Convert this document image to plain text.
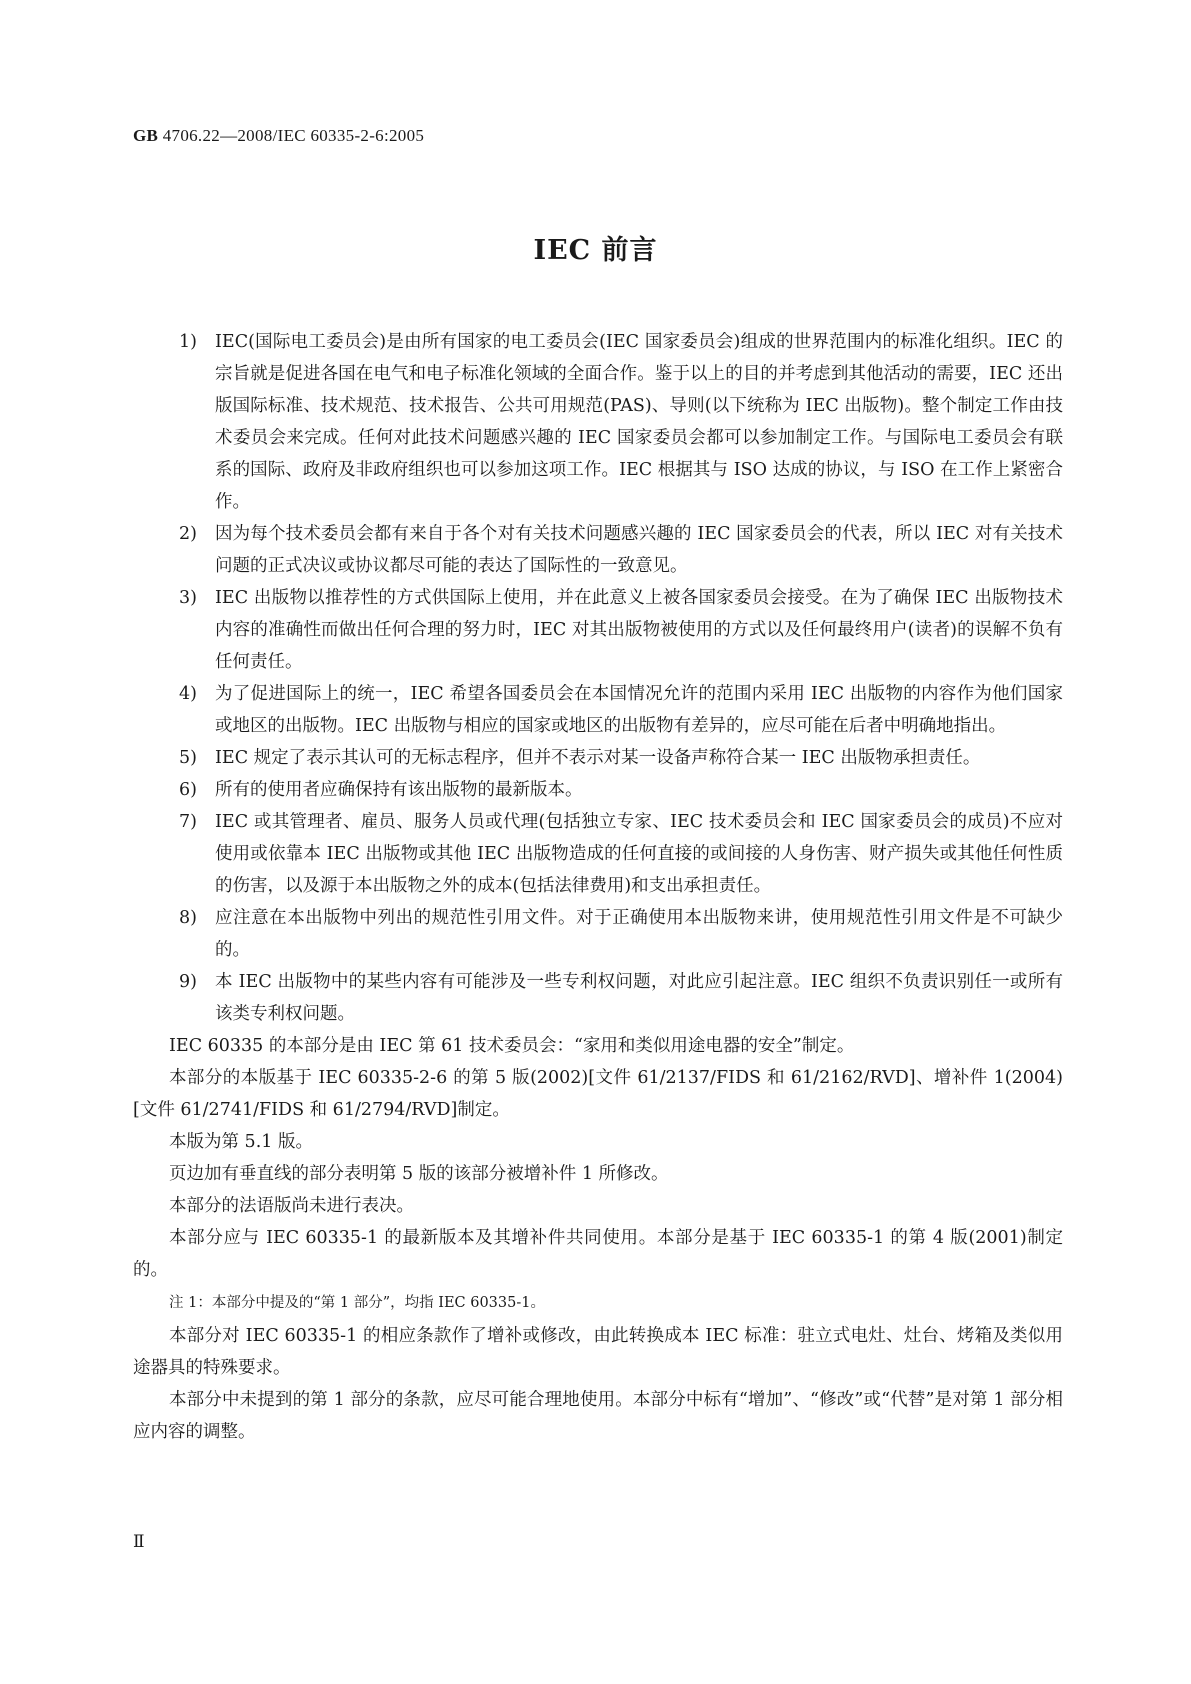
GB 4706.22—2008/IEC 60335-2-6:2005
IEC 前言
1)	IEC(国际电工委员会)是由所有国家的电工委员会(IEC 国家委员会)组成的世界范围内的标准化组织。IEC 的宗旨就是促进各国在电气和电子标准化领域的全面合作。鉴于以上的目的并考虑到其他活动的需要，IEC 还出版国际标准、技术规范、技术报告、公共可用规范(PAS)、导则(以下统称为 IEC 出版物)。整个制定工作由技术委员会来完成。任何对此技术问题感兴趣的 IEC 国家委员会都可以参加制定工作。与国际电工委员会有联系的国际、政府及非政府组织也可以参加这项工作。IEC 根据其与 ISO 达成的协议，与 ISO 在工作上紧密合作。
2)	因为每个技术委员会都有来自于各个对有关技术问题感兴趣的 IEC 国家委员会的代表，所以 IEC 对有关技术问题的正式决议或协议都尽可能的表达了国际性的一致意见。
3)	IEC 出版物以推荐性的方式供国际上使用，并在此意义上被各国家委员会接受。在为了确保 IEC 出版物技术内容的准确性而做出任何合理的努力时，IEC 对其出版物被使用的方式以及任何最终用户(读者)的误解不负有任何责任。
4)	为了促进国际上的统一，IEC 希望各国委员会在本国情况允许的范围内采用 IEC 出版物的内容作为他们国家或地区的出版物。IEC 出版物与相应的国家或地区的出版物有差异的，应尽可能在后者中明确地指出。
5)	IEC 规定了表示其认可的无标志程序，但并不表示对某一设备声称符合某一 IEC 出版物承担责任。
6)	所有的使用者应确保持有该出版物的最新版本。
7)	IEC 或其管理者、雇员、服务人员或代理(包括独立专家、IEC 技术委员会和 IEC 国家委员会的成员)不应对使用或依靠本 IEC 出版物或其他 IEC 出版物造成的任何直接的或间接的人身伤害、财产损失或其他任何性质的伤害，以及源于本出版物之外的成本(包括法律费用)和支出承担责任。
8)	应注意在本出版物中列出的规范性引用文件。对于正确使用本出版物来讲，使用规范性引用文件是不可缺少的。
9)	本 IEC 出版物中的某些内容有可能涉及一些专利权问题，对此应引起注意。IEC 组织不负责识别任一或所有该类专利权问题。
IEC 60335 的本部分是由 IEC 第 61 技术委员会：“家用和类似用途电器的安全”制定。
本部分的本版基于 IEC 60335-2-6 的第 5 版(2002)[文件 61/2137/FIDS 和 61/2162/RVD]、增补件 1(2004)[文件 61/2741/FIDS 和 61/2794/RVD]制定。
本版为第 5.1 版。
页边加有垂直线的部分表明第 5 版的该部分被增补件 1 所修改。
本部分的法语版尚未进行表决。
本部分应与 IEC 60335-1 的最新版本及其增补件共同使用。本部分是基于 IEC 60335-1 的第 4 版(2001)制定的。
注 1：本部分中提及的“第 1 部分”，均指 IEC 60335-1。
本部分对 IEC 60335-1 的相应条款作了增补或修改，由此转换成本 IEC 标准：驻立式电灶、灶台、烤箱及类似用途器具的特殊要求。
本部分中未提到的第 1 部分的条款，应尽可能合理地使用。本部分中标有“增加”、“修改”或“代替”是对第 1 部分相应内容的调整。
Ⅱ
